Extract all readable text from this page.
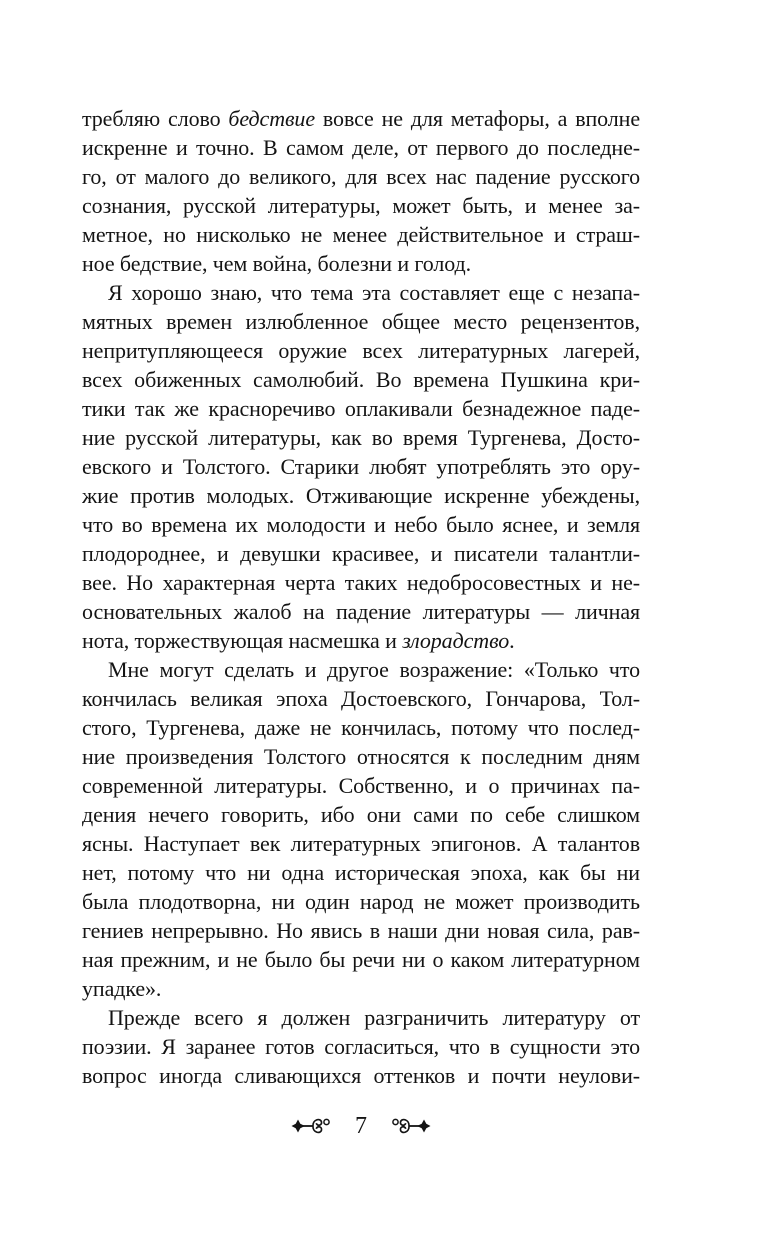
требляю слово бедствие вовсе не для метафоры, а вполне
искренне и точно. В самом деле, от первого до последне-
го, от малого до великого, для всех нас падение русского
сознания, русской литературы, может быть, и менее за-
метное, но нисколько не менее действительное и страш-
ное бедствие, чем война, болезни и голод.
Я хорошо знаю, что тема эта составляет еще с незапа-
мятных времен излюбленное общее место рецензентов,
непритупляющееся оружие всех литературных лагерей,
всех обиженных самолюбий. Во времена Пушкина кри-
тики так же красноречиво оплакивали безнадежное паде-
ние русской литературы, как во время Тургенева, Досто-
евского и Толстого. Старики любят употреблять это ору-
жие против молодых. Отживающие искренне убеждены,
что во времена их молодости и небо было яснее, и земля
плодороднее, и девушки красивее, и писатели талантли-
вее. Но характерная черта таких недобросовестных и не-
основательных жалоб на падение литературы — личная
нота, торжествующая насмешка и злорадство.
Мне могут сделать и другое возражение: «Только что
кончилась великая эпоха Достоевского, Гончарова, Тол-
стого, Тургенева, даже не кончилась, потому что послед-
ние произведения Толстого относятся к последним дням
современной литературы. Собственно, и о причинах па-
дения нечего говорить, ибо они сами по себе слишком
ясны. Наступает век литературных эпигонов. А талантов
нет, потому что ни одна историческая эпоха, как бы ни
была плодотворна, ни один народ не может производить
гениев непрерывно. Но явись в наши дни новая сила, рав-
ная прежним, и не было бы речи ни о каком литературном
упадке».
Прежде всего я должен разграничить литературу от
поэзии. Я заранее готов согласиться, что в сущности это
вопрос иногда сливающихся оттенков и почти неулови-
7
